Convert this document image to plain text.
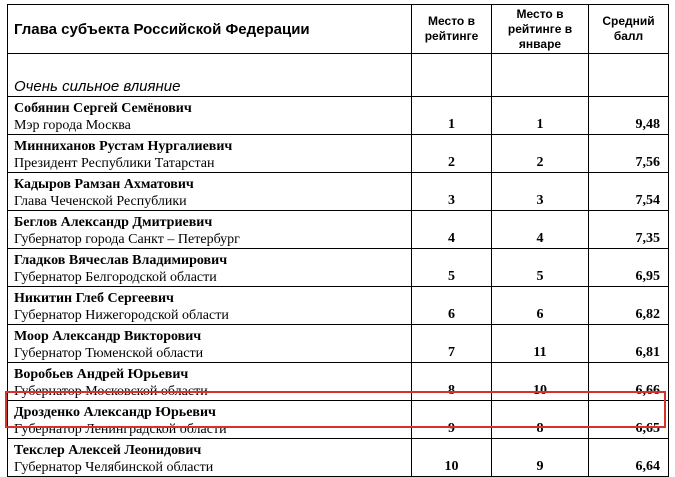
Глава субъекта Российской Федерации	Место в рейтинге	Место в рейтинге в январе	Средний балл
Очень сильное влияние			

Собянин Сергей Семёнович
Мэр города Москва	1	1	9,48

Минниханов Рустам Нургалиевич
Президент Республики Татарстан	2	2	7,56

Кадыров Рамзан Ахматович
Глава Чеченской Республики	3	3	7,54

Беглов Александр Дмитриевич
Губернатор города Санкт – Петербург	4	4	7,35

Гладков Вячеслав Владимирович
Губернатор Белгородской области	5	5	6,95

Никитин Глеб Сергеевич
Губернатор Нижегородской области	6	6	6,82

Моор Александр Викторович
Губернатор Тюменской области	7	11	6,81

Воробьев Андрей Юрьевич
Губернатор Московской области	8	10	6,66

Дрозденко Александр Юрьевич
Губернатор Ленинградской области	9	8	6,65

Текслер Алексей Леонидович
Губернатор Челябинской области	10	9	6,64
